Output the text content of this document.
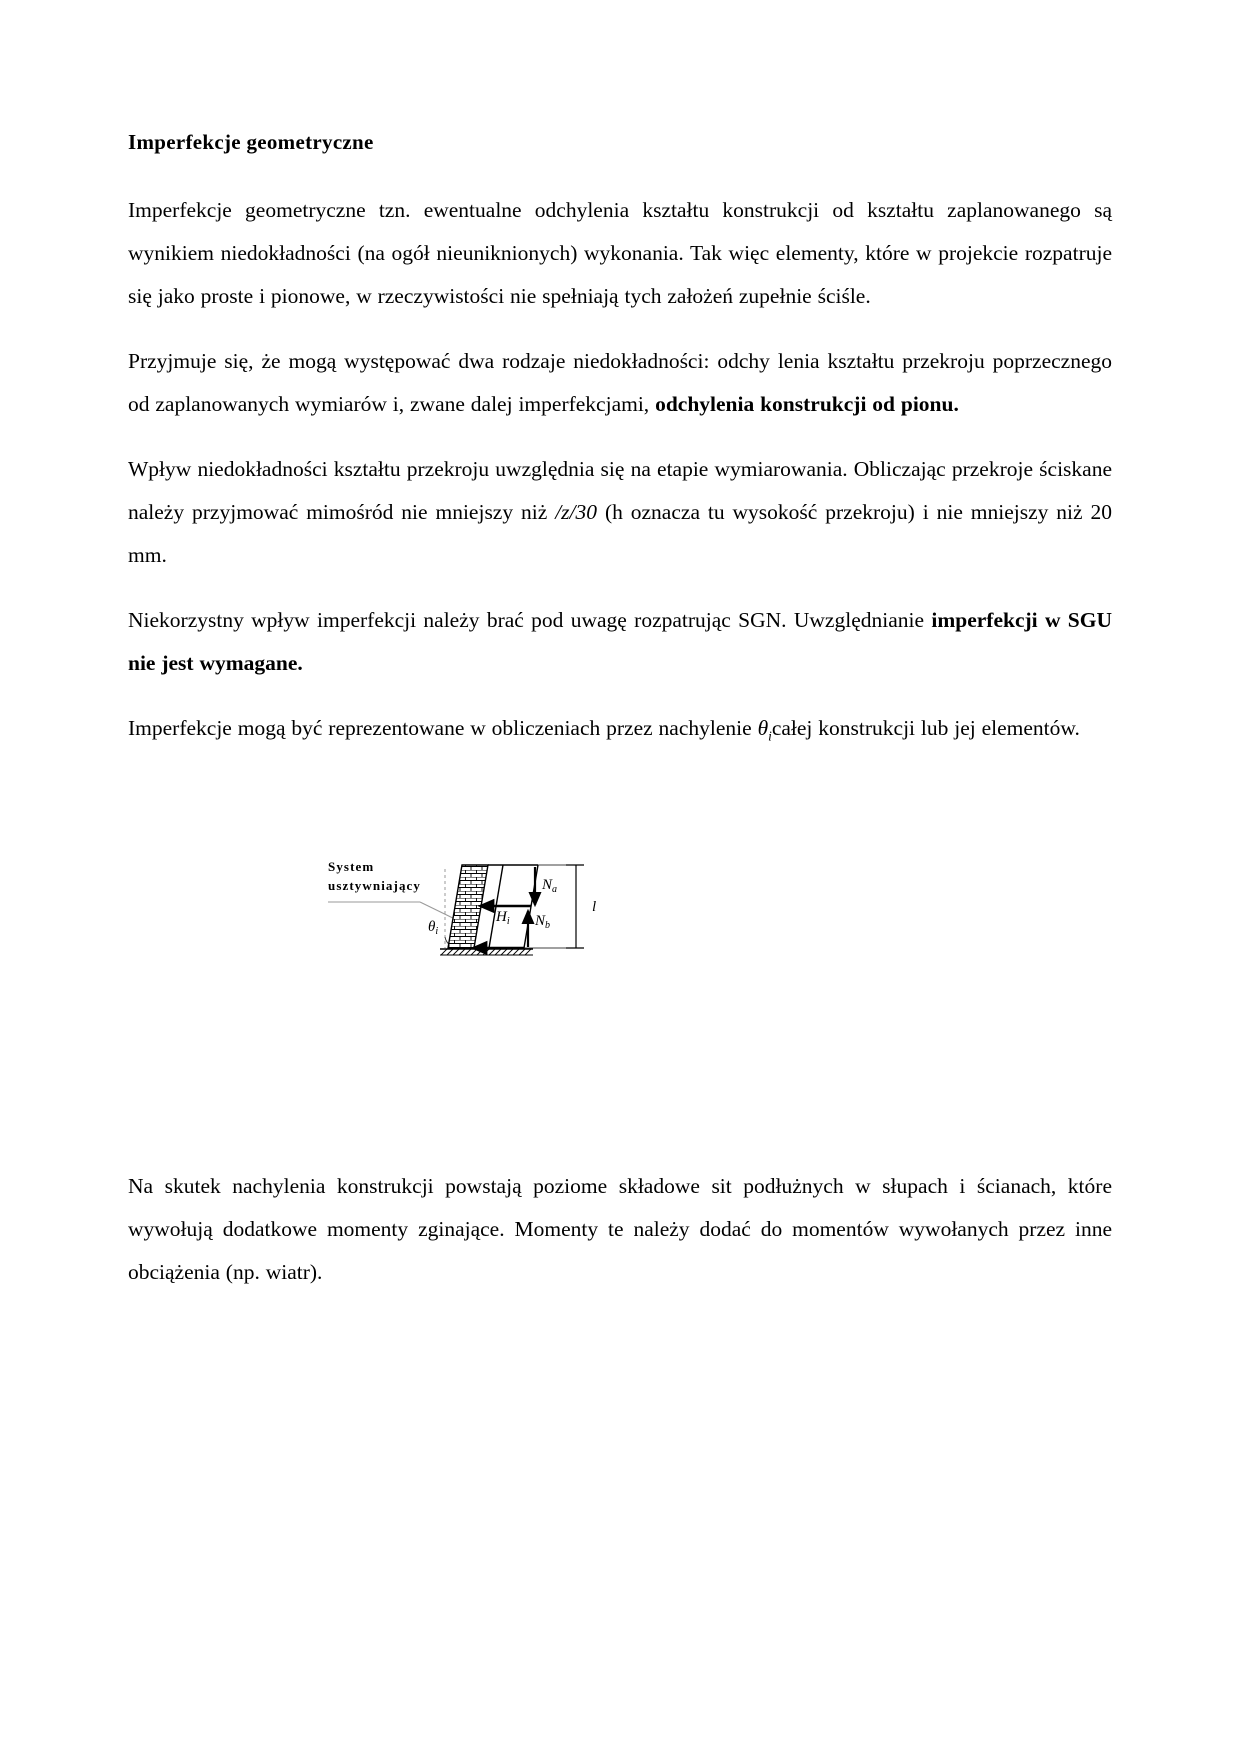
Imperfekcje geometryczne

Imperfekcje geometryczne tzn. ewentualne odchylenia kształtu konstrukcji od kształtu zaplanowanego są wynikiem niedokładności (na ogół nieuniknionych) wykonania. Tak więc elementy, które w projekcie rozpatruje się jako proste i pionowe, w rzeczywistości nie spełniają tych założeń zupełnie ściśle.

Przyjmuje się, że mogą występować dwa rodzaje niedokładności: odchy lenia kształtu przekroju poprzecznego od zaplanowanych wymiarów i, zwane dalej imperfekcjami, odchylenia konstrukcji od pionu.

Wpływ niedokładności kształtu przekroju uwzględnia się na etapie wymiarowania. Obliczając przekroje ściskane należy przyjmować mimośród nie mniejszy niż /z/30 (h oznacza tu wysokość przekroju) i nie mniejszy niż 20 mm.

Niekorzystny wpływ imperfekcji należy brać pod uwagę rozpatrując SGN. Uwzględnianie imperfekcji w SGU nie jest wymagane.

Imperfekcje mogą być reprezentowane w obliczeniach przez nachylenie $\theta_icałej$ konstrukcji lub jej elementów.

System
usztywniający
$\theta_i$
$H_i$
$N_a$
$N_b$
l

Na skutek nachylenia konstrukcji powstają poziome składowe sit podłużnych w słupach i ścianach, które wywołują dodatkowe momenty zginające. Momenty te należy dodać do momentów wywołanych przez inne obciążenia (np. wiatr).
